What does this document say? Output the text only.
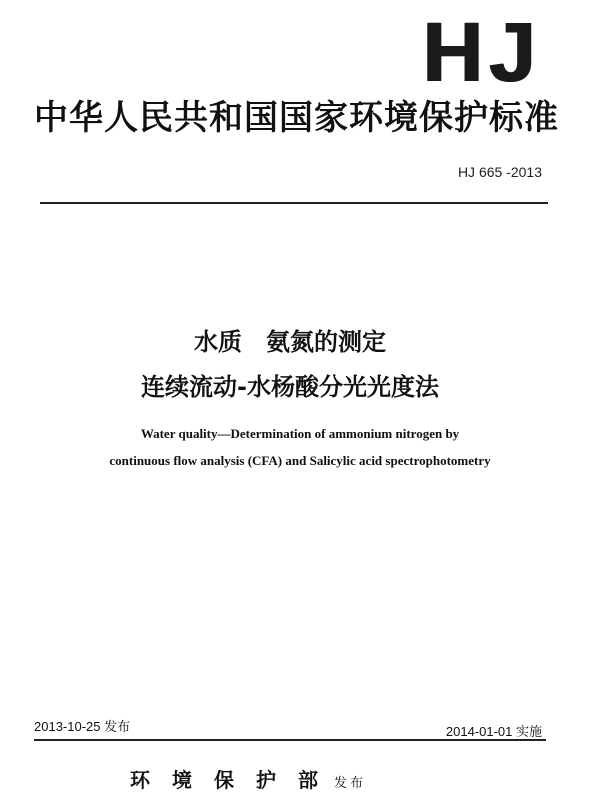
HJ
中华人民共和国国家环境保护标准
HJ 665 -2013
水质　氨氮的测定
连续流动-水杨酸分光光度法
Water quality—Determination of ammonium nitrogen by
continuous flow analysis (CFA) and Salicylic acid spectrophotometry
2013-10-25 发布	2014-01-01 实施
环境保护部发布
